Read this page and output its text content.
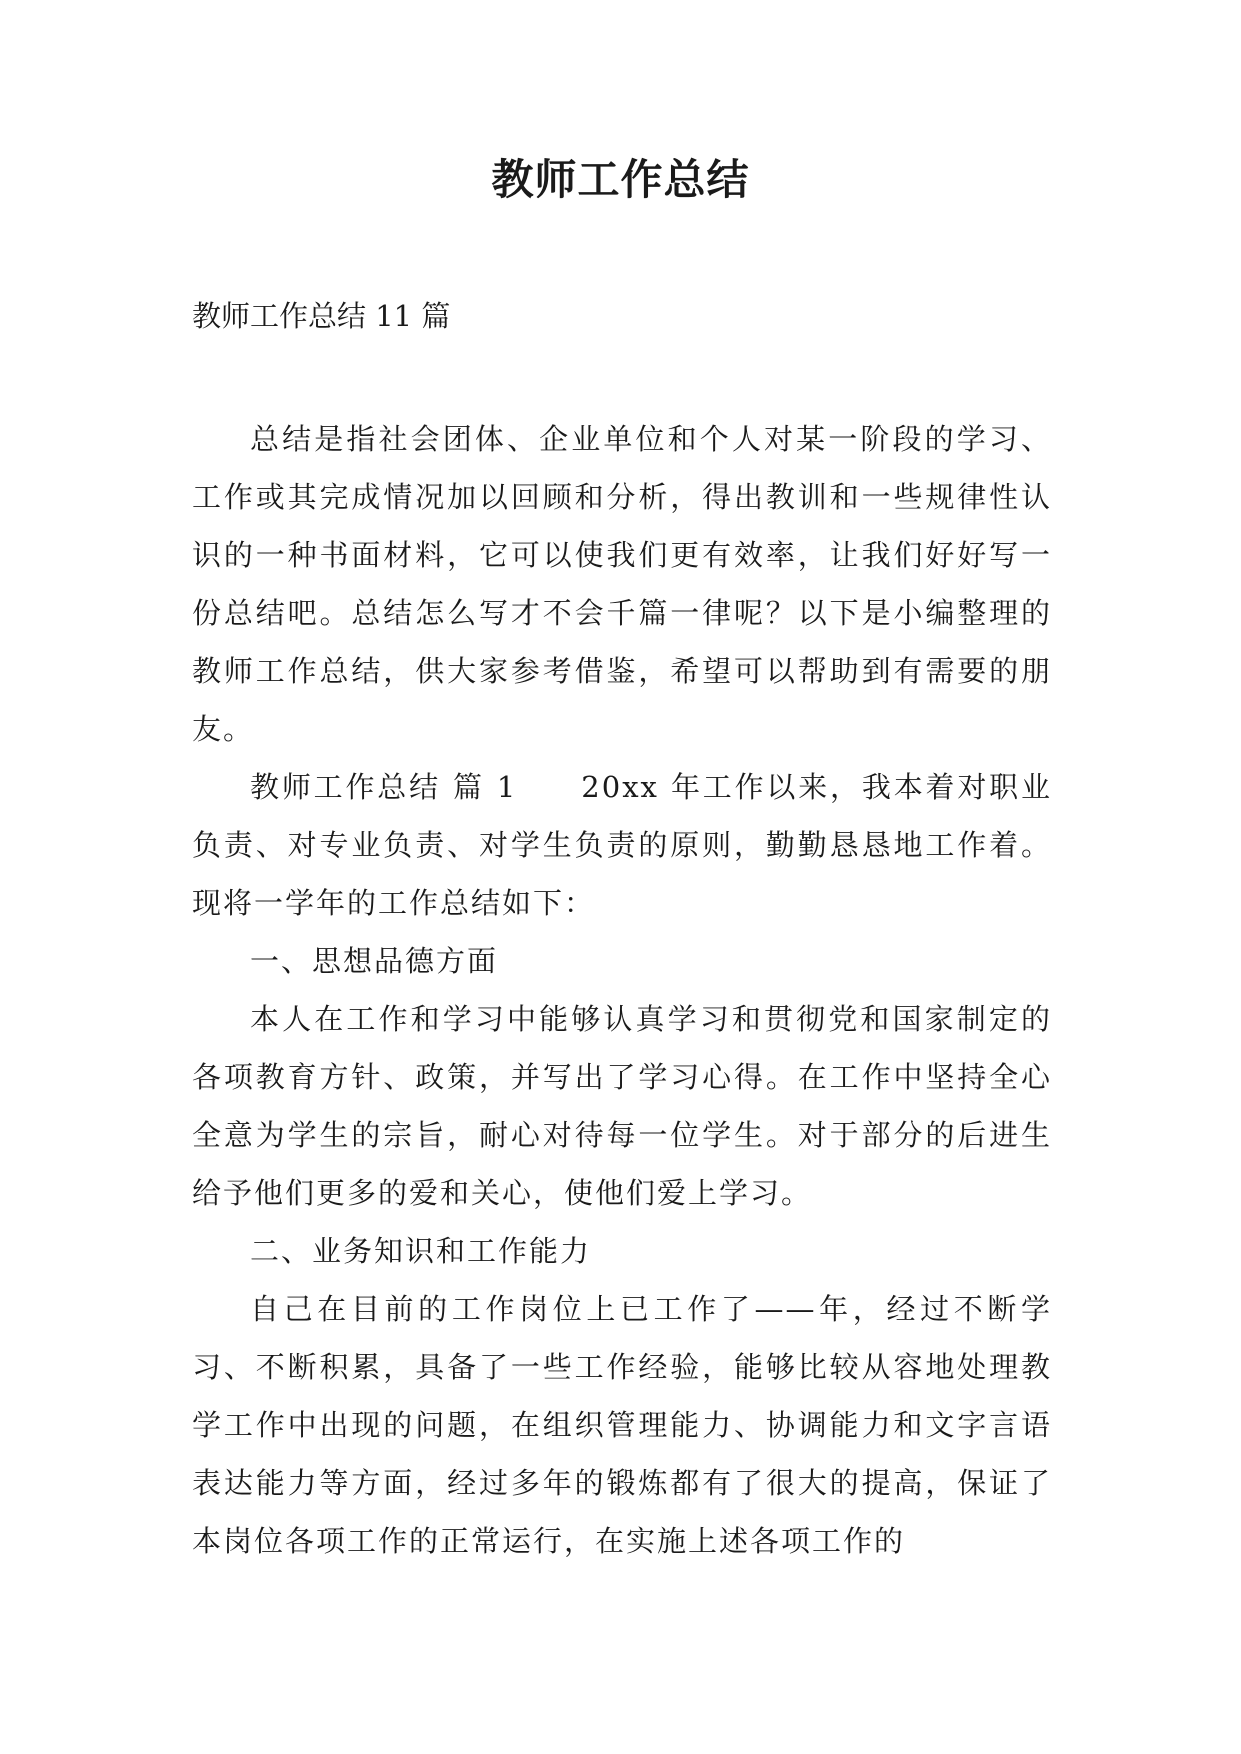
教师工作总结

教师工作总结 11 篇

总结是指社会团体、企业单位和个人对某一阶段的学习、工作或其完成情况加以回顾和分析，得出教训和一些规律性认识的一种书面材料，它可以使我们更有效率，让我们好好写一份总结吧。总结怎么写才不会千篇一律呢？以下是小编整理的教师工作总结，供大家参考借鉴，希望可以帮助到有需要的朋友。

教师工作总结 篇 1 20xx 年工作以来，我本着对职业负责、对专业负责、对学生负责的原则，勤勤恳恳地工作着。现将一学年的工作总结如下：

一、思想品德方面

本人在工作和学习中能够认真学习和贯彻党和国家制定的各项教育方针、政策，并写出了学习心得。在工作中坚持全心全意为学生的宗旨，耐心对待每一位学生。对于部分的后进生给予他们更多的爱和关心，使他们爱上学习。

二、业务知识和工作能力

自己在目前的工作岗位上已工作了——年，经过不断学习、不断积累，具备了一些工作经验，能够比较从容地处理教学工作中出现的问题，在组织管理能力、协调能力和文字言语表达能力等方面，经过多年的锻炼都有了很大的提高，保证了本岗位各项工作的正常运行，在实施上述各项工作的
